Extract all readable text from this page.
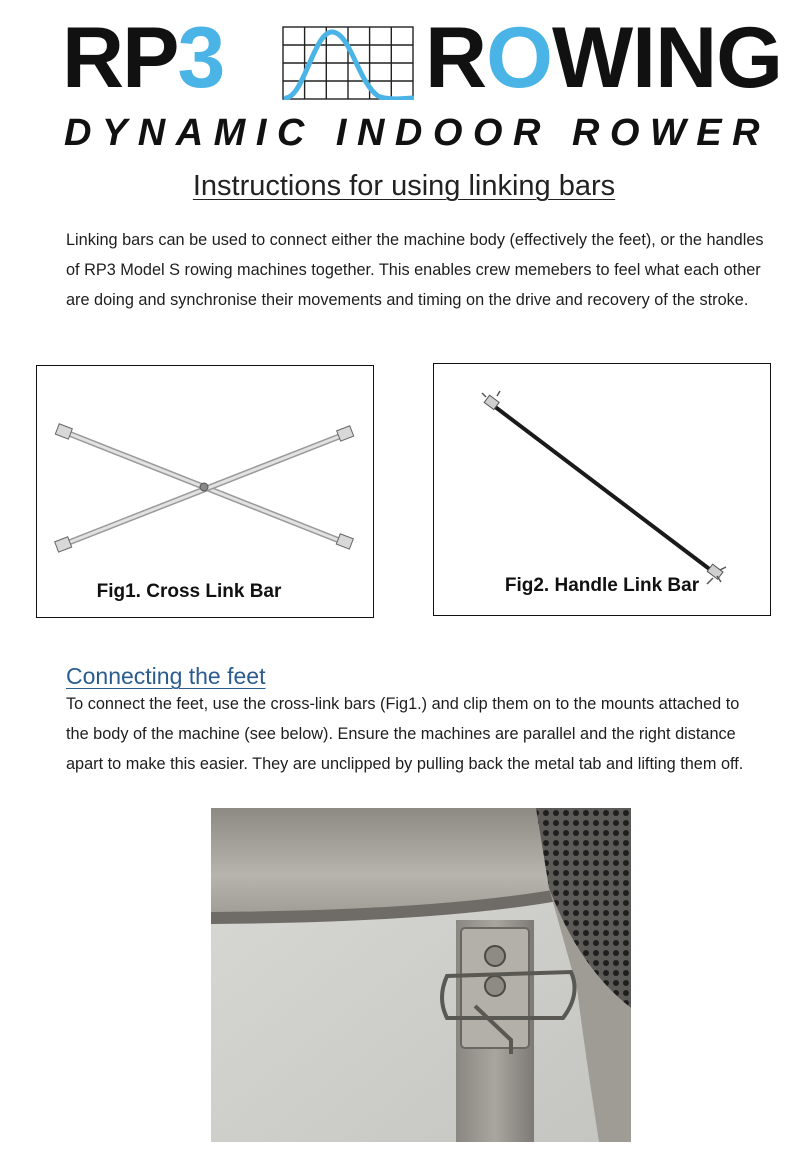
RP3 ROWING
DYNAMIC INDOOR ROWER
Instructions for using linking bars
Linking bars can be used to connect either the machine body (effectively the feet), or the handles of RP3 Model S rowing machines together. This enables crew memebers to feel what each other are doing and synchronise their movements and timing on the drive and recovery of the stroke.
Fig1. Cross Link Bar	Fig2. Handle Link Bar
Connecting the feet
To connect the feet, use the cross-link bars (Fig1.) and clip them on to the mounts attached to the body of the machine (see below). Ensure the machines are parallel and the right distance apart to make this easier. They are unclipped by pulling back the metal tab and lifting them off.
